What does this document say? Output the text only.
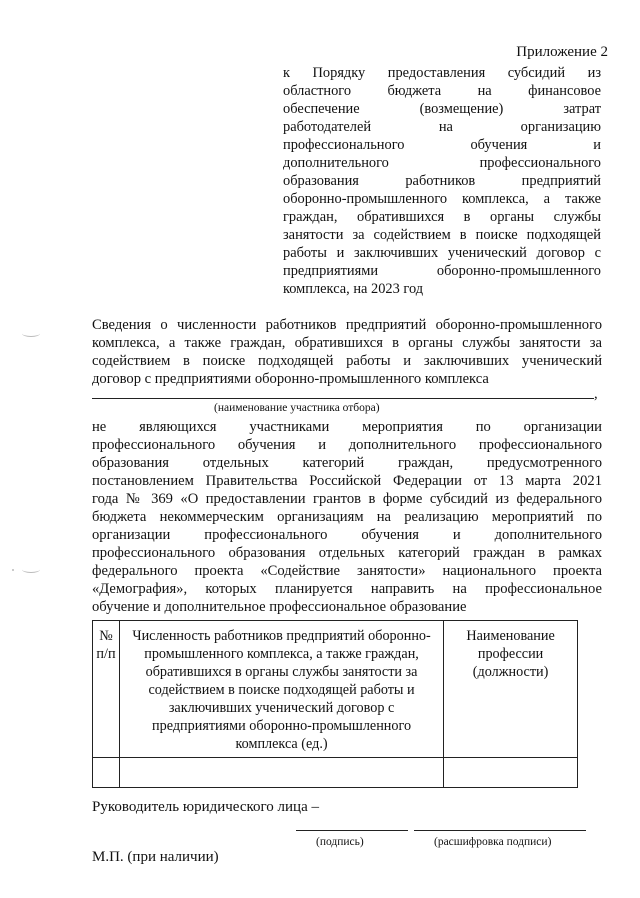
Приложение 2
к Порядку предоставления субсидий из
областного бюджета на финансовое
обеспечение (возмещение) затрат
работодателей на организацию
профессионального обучения и
дополнительного профессионального
образования работников предприятий
оборонно-промышленного комплекса, а также
граждан, обратившихся в органы службы
занятости за содействием в поиске подходящей
работы и заключивших ученический договор с
предприятиями оборонно-промышленного
комплекса, на 2023 год
Сведения о численности работников предприятий оборонно-промышленного
комплекса, а также граждан, обратившихся в органы службы занятости за
содействием в поиске подходящей работы и заключивших ученический
договор с предприятиями оборонно-промышленного комплекса
,
(наименование участника отбора)
не являющихся участниками мероприятия по организации
профессионального обучения и дополнительного профессионального
образования отдельных категорий граждан, предусмотренного
постановлением Правительства Российской Федерации от 13 марта 2021
года № 369 «О предоставлении грантов в форме субсидий из федерального
бюджета некоммерческим организациям на реализацию мероприятий по
организации профессионального обучения и дополнительного
профессионального образования отдельных категорий граждан в рамках
федерального проекта «Содействие занятости» национального проекта
«Демография», которых планируется направить на профессиональное
обучение и дополнительное профессиональное образование
№ п/п	Численность работников предприятий оборонно-промышленного комплекса, а также граждан, обратившихся в органы службы занятости за содействием в поиске подходящей работы и заключивших ученический договор с предприятиями оборонно-промышленного комплекса (ед.)	Наименование профессии (должности)

Руководитель юридического лица –
(подпись)	(расшифровка подписи)
М.П. (при наличии)
